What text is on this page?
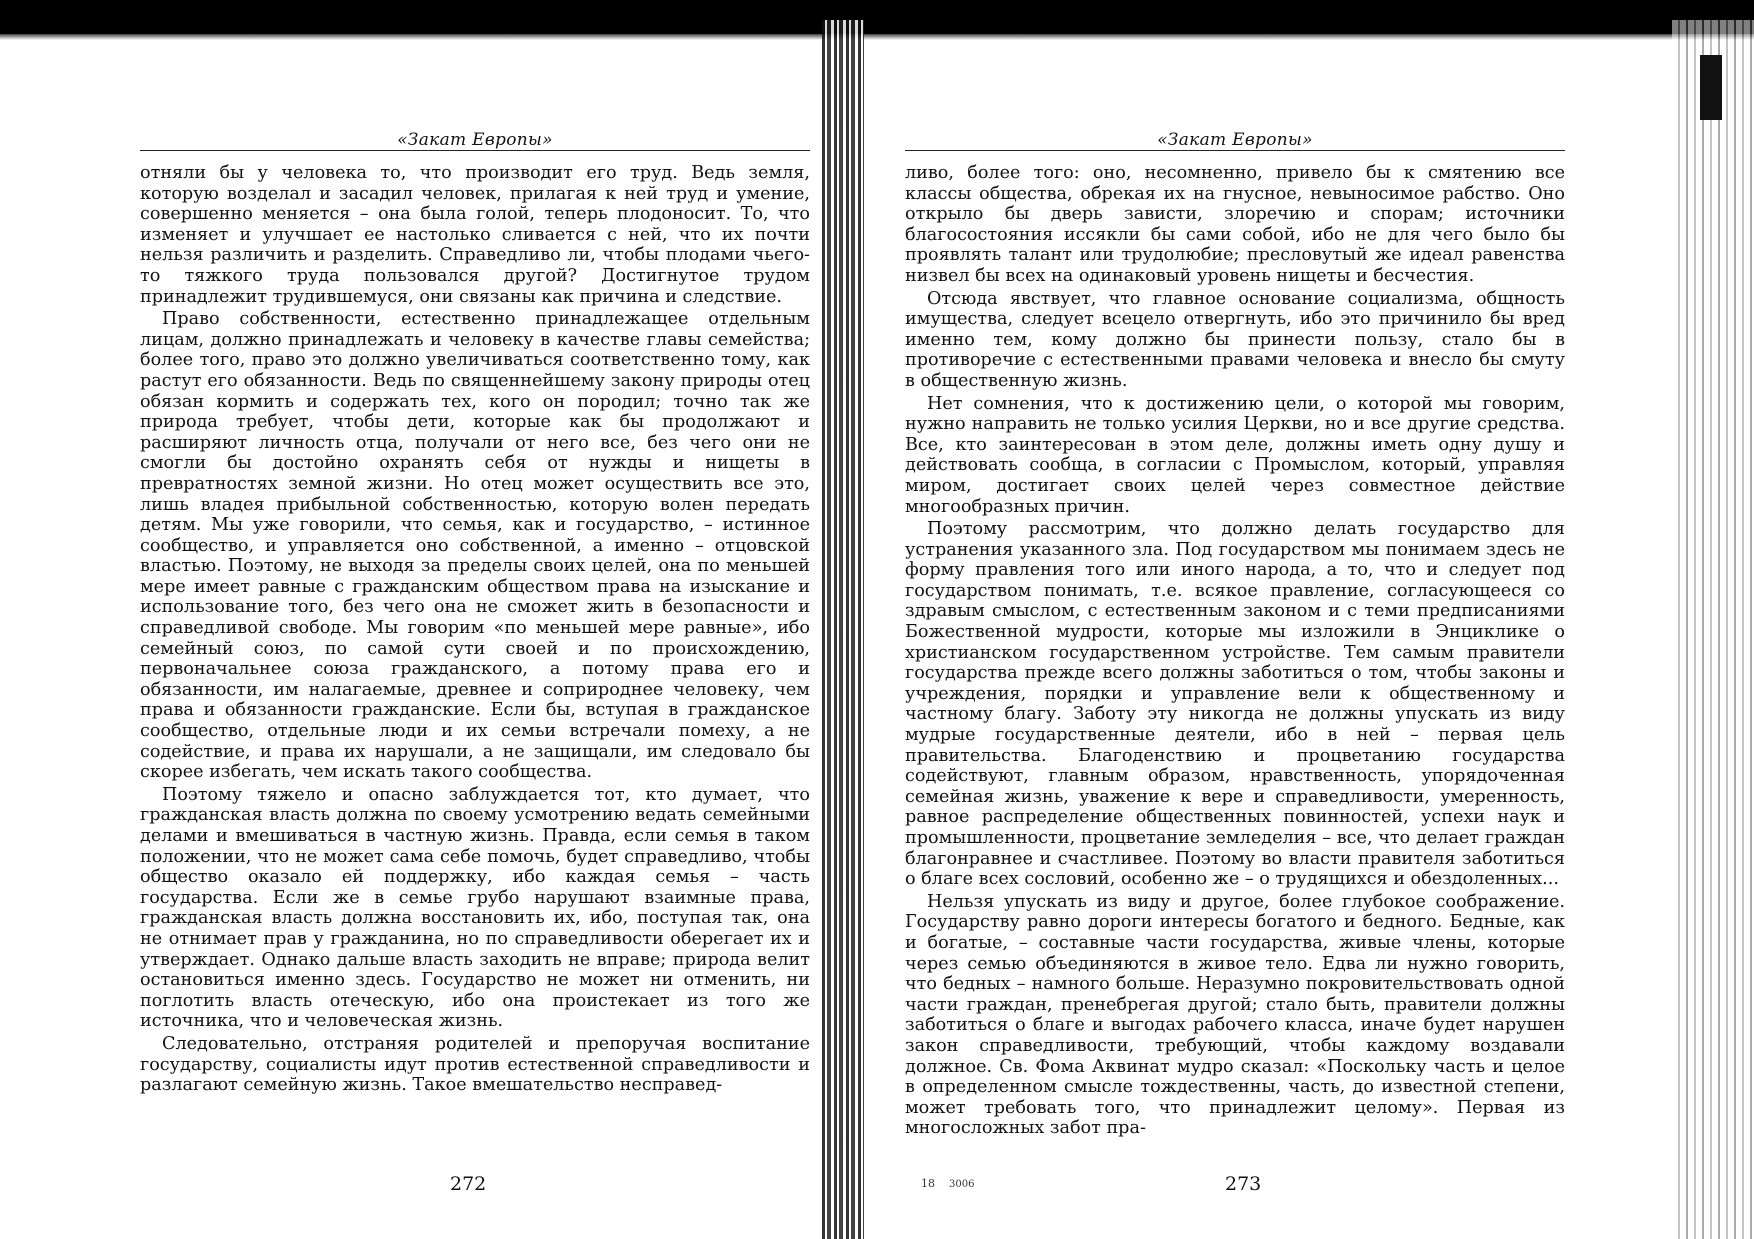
«Закат Европы»

отняли бы у человека то, что производит его труд. Ведь земля, которую возделал и засадил человек, прилагая к ней труд и умение, совершенно меняется – она была голой, теперь плодоносит. То, что изменяет и улучшает ее настолько сливается с ней, что их почти нельзя различить и разделить. Справедливо ли, чтобы плодами чьего-то тяжкого труда пользовался другой? Достигнутое трудом принадлежит трудившемуся, они связаны как причина и следствие.

Право собственности, естественно принадлежащее отдельным лицам, должно принадлежать и человеку в качестве главы семейства; более того, право это должно увеличиваться соответственно тому, как растут его обязанности. Ведь по священнейшему закону природы отец обязан кормить и содержать тех, кого он породил; точно так же природа требует, чтобы дети, которые как бы продолжают и расширяют личность отца, получали от него все, без чего они не смогли бы достойно охранять себя от нужды и нищеты в превратностях земной жизни. Но отец может осуществить все это, лишь владея прибыльной собственностью, которую волен передать детям. Мы уже говорили, что семья, как и государство, – истинное сообщество, и управляется оно собственной, а именно – отцовской властью. Поэтому, не выходя за пределы своих целей, она по меньшей мере имеет равные с гражданским обществом права на изыскание и использование того, без чего она не сможет жить в безопасности и справедливой свободе. Мы говорим «по меньшей мере равные», ибо семейный союз, по самой сути своей и по происхождению, первоначальнее союза гражданского, а потому права его и обязанности, им налагаемые, древнее и соприроднее человеку, чем права и обязанности гражданские. Если бы, вступая в гражданское сообщество, отдельные люди и их семьи встречали помеху, а не содействие, и права их нарушали, а не защищали, им следовало бы скорее избегать, чем искать такого сообщества.

Поэтому тяжело и опасно заблуждается тот, кто думает, что гражданская власть должна по своему усмотрению ведать семейными делами и вмешиваться в частную жизнь. Правда, если семья в таком положении, что не может сама себе помочь, будет справедливо, чтобы общество оказало ей поддержку, ибо каждая семья – часть государства. Если же в семье грубо нарушают взаимные права, гражданская власть должна восстановить их, ибо, поступая так, она не отнимает прав у гражданина, но по справедливости оберегает их и утверждает. Однако дальше власть заходить не вправе; природа велит остановиться именно здесь. Государство не может ни отменить, ни поглотить власть отеческую, ибо она проистекает из того же источника, что и человеческая жизнь.

Следовательно, отстраняя родителей и препоручая воспитание государству, социалисты идут против естественной справедливости и разлагают семейную жизнь. Такое вмешательство несправед-

272
«Закат Европы»

ливо, более того: оно, несомненно, привело бы к смятению все классы общества, обрекая их на гнусное, невыносимое рабство. Оно открыло бы дверь зависти, злоречию и спорам; источники благосостояния иссякли бы сами собой, ибо не для чего было бы проявлять талант или трудолюбие; пресловутый же идеал равенства низвел бы всех на одинаковый уровень нищеты и бесчестия.

Отсюда явствует, что главное основание социализма, общность имущества, следует всецело отвергнуть, ибо это причинило бы вред именно тем, кому должно бы принести пользу, стало бы в противоречие с естественными правами человека и внесло бы смуту в общественную жизнь.

Нет сомнения, что к достижению цели, о которой мы говорим, нужно направить не только усилия Церкви, но и все другие средства. Все, кто заинтересован в этом деле, должны иметь одну душу и действовать сообща, в согласии с Промыслом, который, управляя миром, достигает своих целей через совместное действие многообразных причин.

Поэтому рассмотрим, что должно делать государство для устранения указанного зла. Под государством мы понимаем здесь не форму правления того или иного народа, а то, что и следует под государством понимать, т.е. всякое правление, согласующееся со здравым смыслом, с естественным законом и с теми предписаниями Божественной мудрости, которые мы изложили в Энциклике о христианском государственном устройстве. Тем самым правители государства прежде всего должны заботиться о том, чтобы законы и учреждения, порядки и управление вели к общественному и частному благу. Заботу эту никогда не должны упускать из виду мудрые государственные деятели, ибо в ней – первая цель правительства. Благоденствию и процветанию государства содействуют, главным образом, нравственность, упорядоченная семейная жизнь, уважение к вере и справедливости, умеренность, равное распределение общественных повинностей, успехи наук и промышленности, процветание земледелия – все, что делает граждан благонравнее и счастливее. Поэтому во власти правителя заботиться о благе всех сословий, особенно же – о трудящихся и обездоленных...

Нельзя упускать из виду и другое, более глубокое соображение. Государству равно дороги интересы богатого и бедного. Бедные, как и богатые, – составные части государства, живые члены, которые через семью объединяются в живое тело. Едва ли нужно говорить, что бедных – намного больше. Неразумно покровительствовать одной части граждан, пренебрегая другой; стало быть, правители должны заботиться о благе и выгодах рабочего класса, иначе будет нарушен закон справедливости, требующий, чтобы каждому воздавали должное. Св. Фома Аквинат мудро сказал: «Поскольку часть и целое в определенном смысле тождественны, часть, до известной степени, может требовать того, что принадлежит целому». Первая из многосложных забот пра-

18 3006	273
